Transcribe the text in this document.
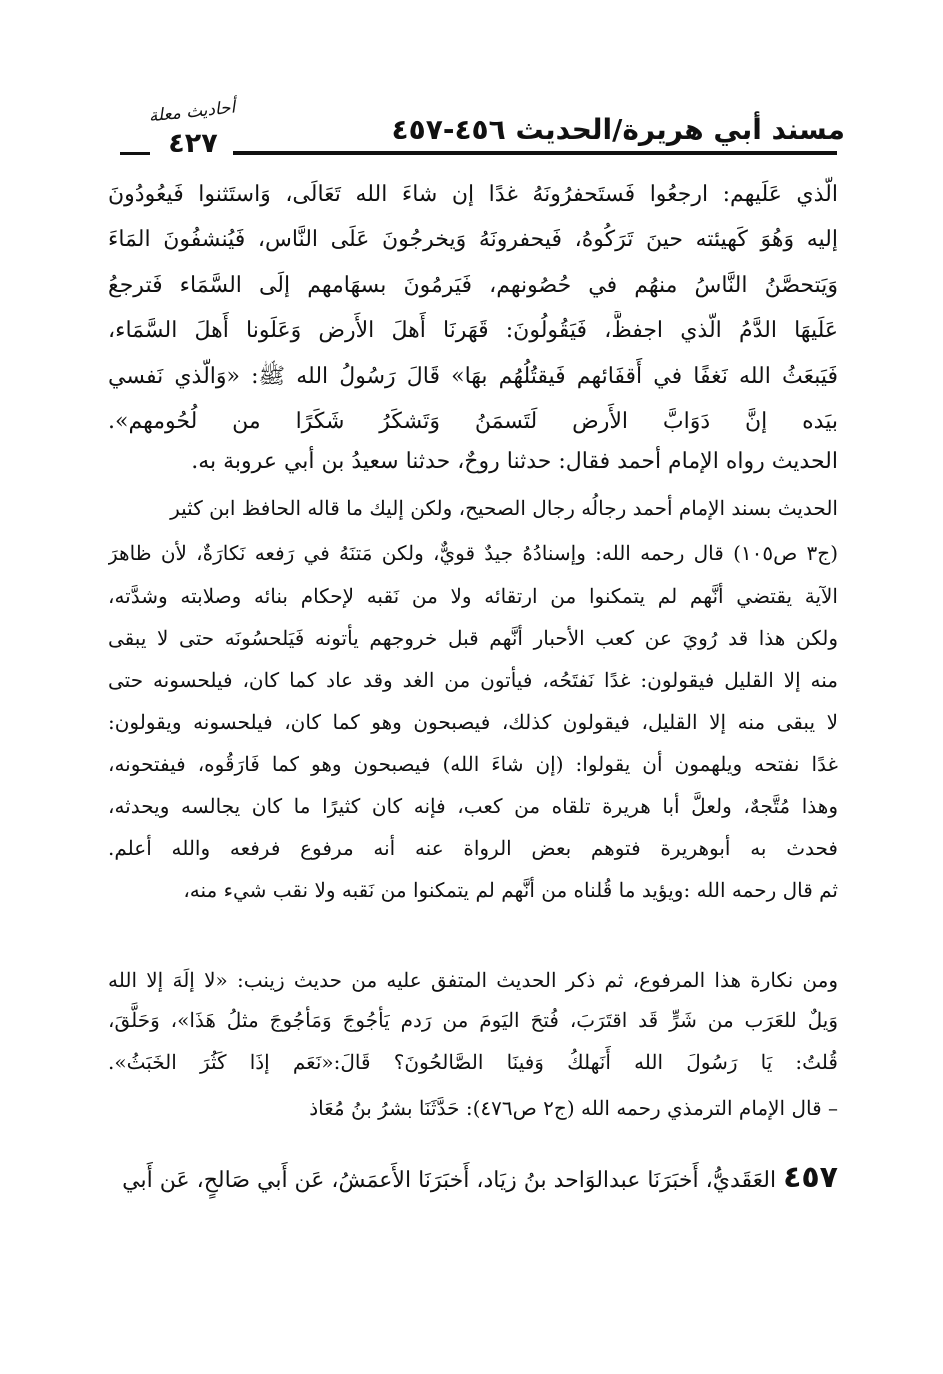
أحاديث معلة
٤٢٧	مسند أبي هريرة/الحديث ٤٥٦-٤٥٧
الّذي عَلَيهم: ارجعُوا فَستَحفرُونَهُ غدًا إن شاءَ الله تَعَالَى، وَاستَثنوا فَيعُودُونَ
إليه وَهُوَ كَهيئته حينَ تَرَكُوهُ، فَيحفرونَهُ وَيخرجُونَ عَلَى النَّاس، فَيُنشفُونَ المَاءَ
وَيَتحصَّنُ النَّاسُ منهُم في حُصُونهم، فَيَرمُونَ بسهَامهم إلَى السَّمَاء فَترجعُ
عَلَيهَا الدَّمُ الّذي اجفظَّ، فَيَقُولُونَ: قَهَرنَا أَهلَ الأَرض وَعَلَونا أَهلَ السَّمَاء،
فَيَبعَثُ الله نَغفًا في أَقفَائهم فَيقتُلُهُم بهَا» قَالَ رَسُولُ الله ﷺ: «وَالّذي نَفسي
بيَده إنَّ دَوَابَّ الأَرض لَتَسمَنُ وَتَشكَرُ شَكَرًا من لُحُومهم».
الحديث رواه الإمام أحمد فقال: حدثنا روحٌ، حدثنا سعيدُ بن أبي عروبة به.
الحديث بسند الإمام أحمد رجالُه رجال الصحيح، ولكن إليك ما قاله الحافظ ابن كثير
(ج٣ ص١٠٥) قال رحمه الله: وإسنادُهُ جيدٌ قويٌّ، ولكن مَتنَهُ في رَفعه نَكارَةٌ، لأن ظاهرَ
الآية يقتضي أنَّهم لم يتمكنوا من ارتقائه ولا من نَقبه لإحكام بنائه وصلابته وشدَّته،
ولكن هذا قد رُويَ عن كعب الأحبار أنَّهم قبل خروجهم يأتونه فَيَلحسُونَه حتى لا يبقى
منه إلا القليل فيقولون: غدًا نَفتَحُه، فيأتون من الغد وقد عاد كما كان، فيلحسونه حتى
لا يبقى منه إلا القليل، فيقولون كذلك، فيصبحون وهو كما كان، فيلحسونه ويقولون:
غدًا نفتحه ويلهمون أن يقولوا: (إن شاءَ الله) فيصبحون وهو كما فَارَقُوه، فيفتحونه،
وهذا مُتَّجهٌ، ولعلَّ أبا هريرة تلقاه من كعب، فإنه كان كثيرًا ما كان يجالسه ويحدثه،
فحدث به أبوهريرة فتوهم بعض الرواة عنه أنه مرفوع فرفعه والله أعلم.
ثم قال رحمه الله :ويؤيد ما قُلناه من أنَّهم لم يتمكنوا من نَقبه ولا نقب شيء منه،
ومن نكارة هذا المرفوع، ثم ذكر الحديث المتفق عليه من حديث زينب: «لا إلَهَ إلا الله
وَيلٌ للعَرَب من شَرٍّ قَد اقتَرَبَ، فُتحَ اليَومَ من رَدم يَأجُوجَ وَمَأجُوجَ مثلُ هَذَا»، وَحَلَّقَ،
قُلتُ: يَا رَسُولَ الله أَنَهلكُ وَفينَا الصَّالحُونَ؟ قَالَ:«نَعَم إذَا كَثُرَ الخَبَثُ».
– قال الإمام الترمذي رحمه الله (ج٢ ص٤٧٦): حَدَّثَنَا بشرُ بنُ مُعَاذ
٤٥٧ العَقَديُّ، أَخبَرَنَا عبدالوَاحد بنُ زيَاد، أَخبَرَنَا الأَعمَشُ، عَن أَبي صَالحٍ، عَن أَبي
